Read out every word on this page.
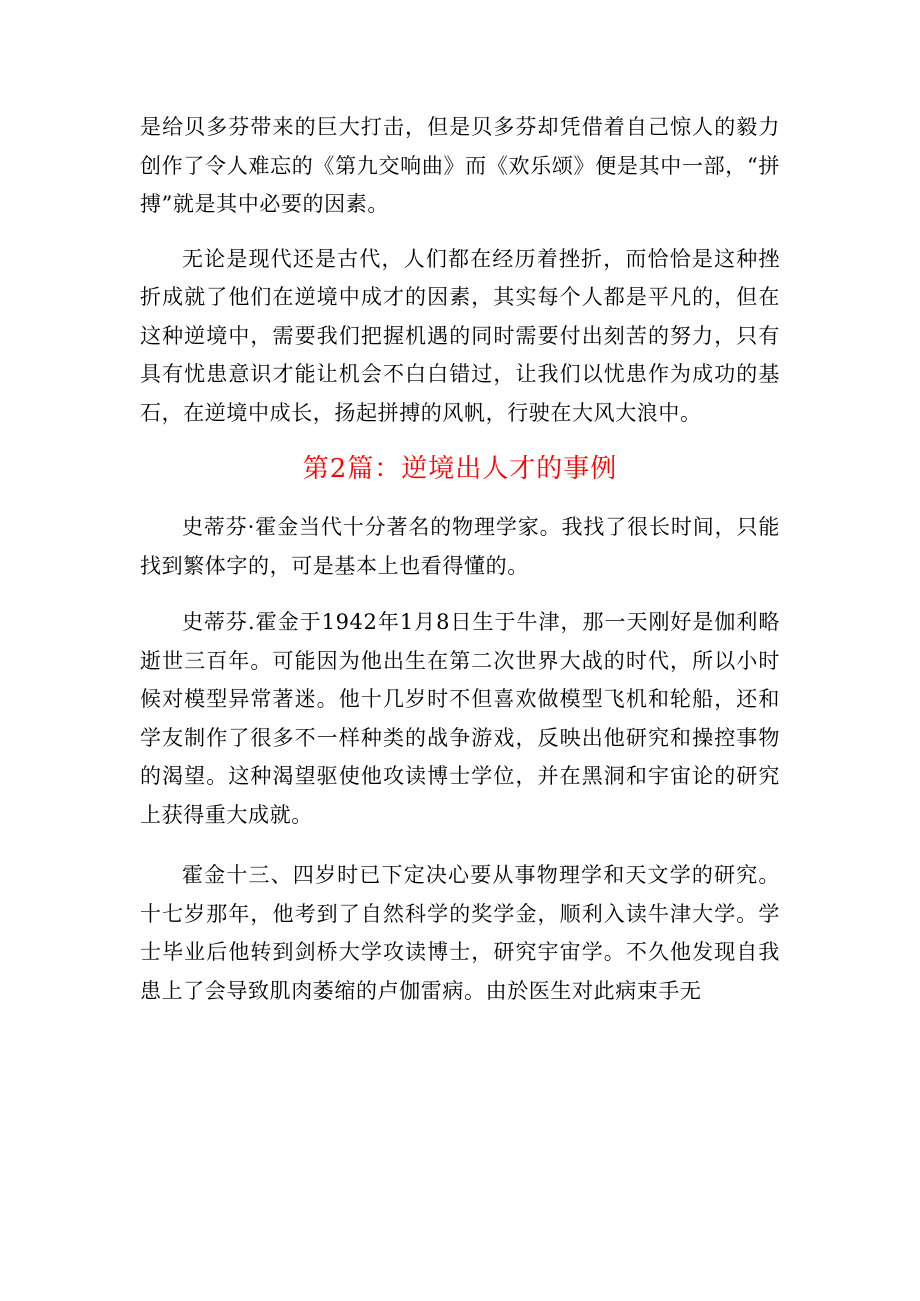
是给贝多芬带来的巨大打击，但是贝多芬却凭借着自己惊人的毅力创作了令人难忘的《第九交响曲》而《欢乐颂》便是其中一部，“拼搏”就是其中必要的因素。

无论是现代还是古代，人们都在经历着挫折，而恰恰是这种挫折成就了他们在逆境中成才的因素，其实每个人都是平凡的，但在这种逆境中，需要我们把握机遇的同时需要付出刻苦的努力，只有具有忧患意识才能让机会不白白错过，让我们以忧患作为成功的基石，在逆境中成长，扬起拼搏的风帆，行驶在大风大浪中。

第2篇：逆境出人才的事例

史蒂芬·霍金当代十分著名的物理学家。我找了很长时间，只能找到繁体字的，可是基本上也看得懂的。

史蒂芬.霍金于1942年1月8日生于牛津，那一天刚好是伽利略逝世三百年。可能因为他出生在第二次世界大战的时代，所以小时候对模型异常著迷。他十几岁时不但喜欢做模型飞机和轮船，还和学友制作了很多不一样种类的战争游戏，反映出他研究和操控事物的渴望。这种渴望驱使他攻读博士学位，并在黑洞和宇宙论的研究上获得重大成就。

霍金十三、四岁时已下定决心要从事物理学和天文学的研究。十七岁那年，他考到了自然科学的奖学金，顺利入读牛津大学。学士毕业后他转到剑桥大学攻读博士，研究宇宙学。不久他发现自我患上了会导致肌肉萎缩的卢伽雷病。由於医生对此病束手无
